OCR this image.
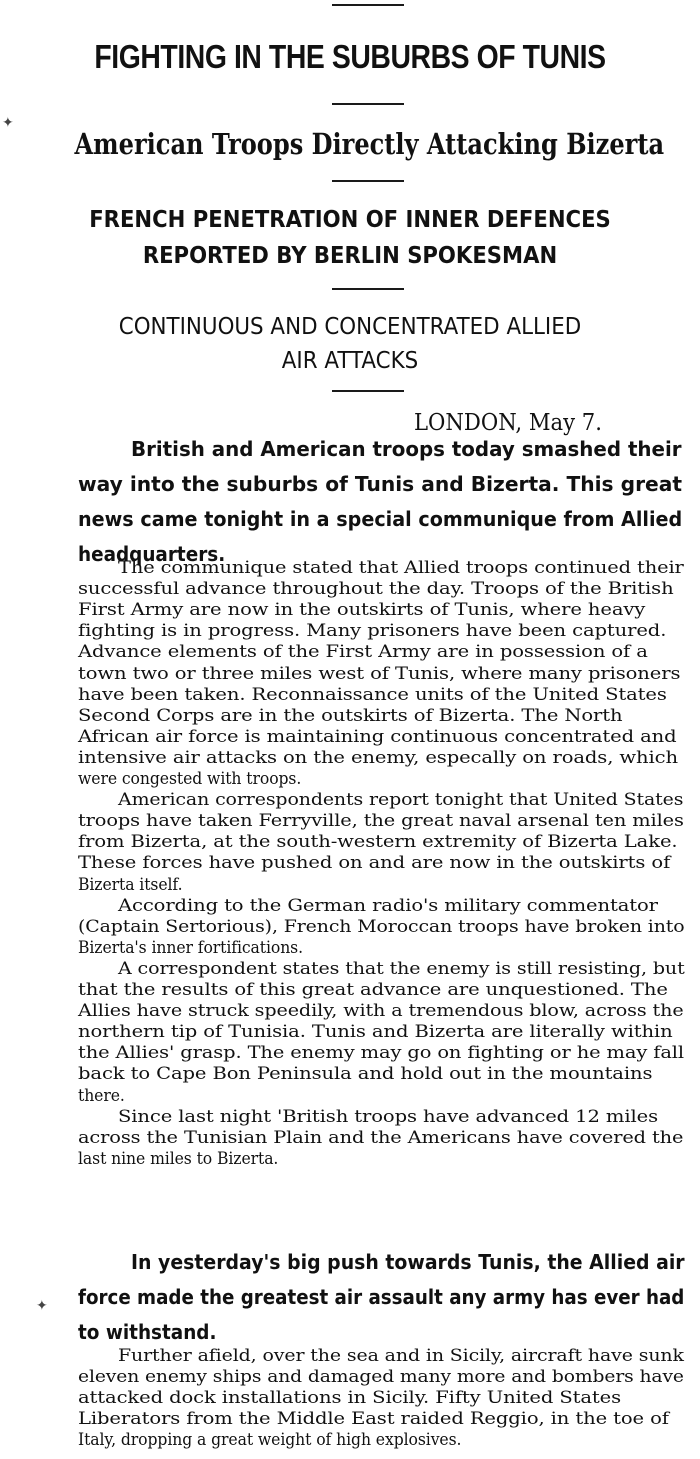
✦
✦
FIGHTING IN THE SUBURBS OF TUNIS
American Troops Directly Attacking Bizerta
FRENCH PENETRATION OF INNER DEFENCES
REPORTED BY BERLIN SPOKESMAN
CONTINUOUS AND CONCENTRATED ALLIED
AIR ATTACKS
LONDON, May 7.
British and American troops today smashed their
way into the suburbs of Tunis and Bizerta. This great
news came tonight in a special communique from Allied
headquarters.
The communique stated that Allied troops continued their
successful advance throughout the day. Troops of the British
First Army are now in the outskirts of Tunis, where heavy
fighting is in progress. Many prisoners have been captured.
Advance elements of the First Army are in possession of a
town two or three miles west of Tunis, where many prisoners
have been taken. Reconnaissance units of the United States
Second Corps are in the outskirts of Bizerta. The North
African air force is maintaining continuous concentrated and
intensive air attacks on the enemy, especally on roads, which
were congested with troops.
American correspondents report tonight that United States
troops have taken Ferryville, the great naval arsenal ten miles
from Bizerta, at the south-western extremity of Bizerta Lake.
These forces have pushed on and are now in the outskirts of
Bizerta itself.
According to the German radio's military commentator
(Captain Sertorious), French Moroccan troops have broken into
Bizerta's inner fortifications.
A correspondent states that the enemy is still resisting, but
that the results of this great advance are unquestioned. The
Allies have struck speedily, with a tremendous blow, across the
northern tip of Tunisia. Tunis and Bizerta are literally within
the Allies' grasp. The enemy may go on fighting or he may fall
back to Cape Bon Peninsula and hold out in the mountains
there.
Since last night 'British troops have advanced 12 miles
across the Tunisian Plain and the Americans have covered the
last nine miles to Bizerta.
In yesterday's big push towards Tunis, the Allied air
force made the greatest air assault any army has ever had
to withstand.
Further afield, over the sea and in Sicily, aircraft have sunk
eleven enemy ships and damaged many more and bombers have
attacked dock installations in Sicily. Fifty United States
Liberators from the Middle East raided Reggio, in the toe of
Italy, dropping a great weight of high explosives.
